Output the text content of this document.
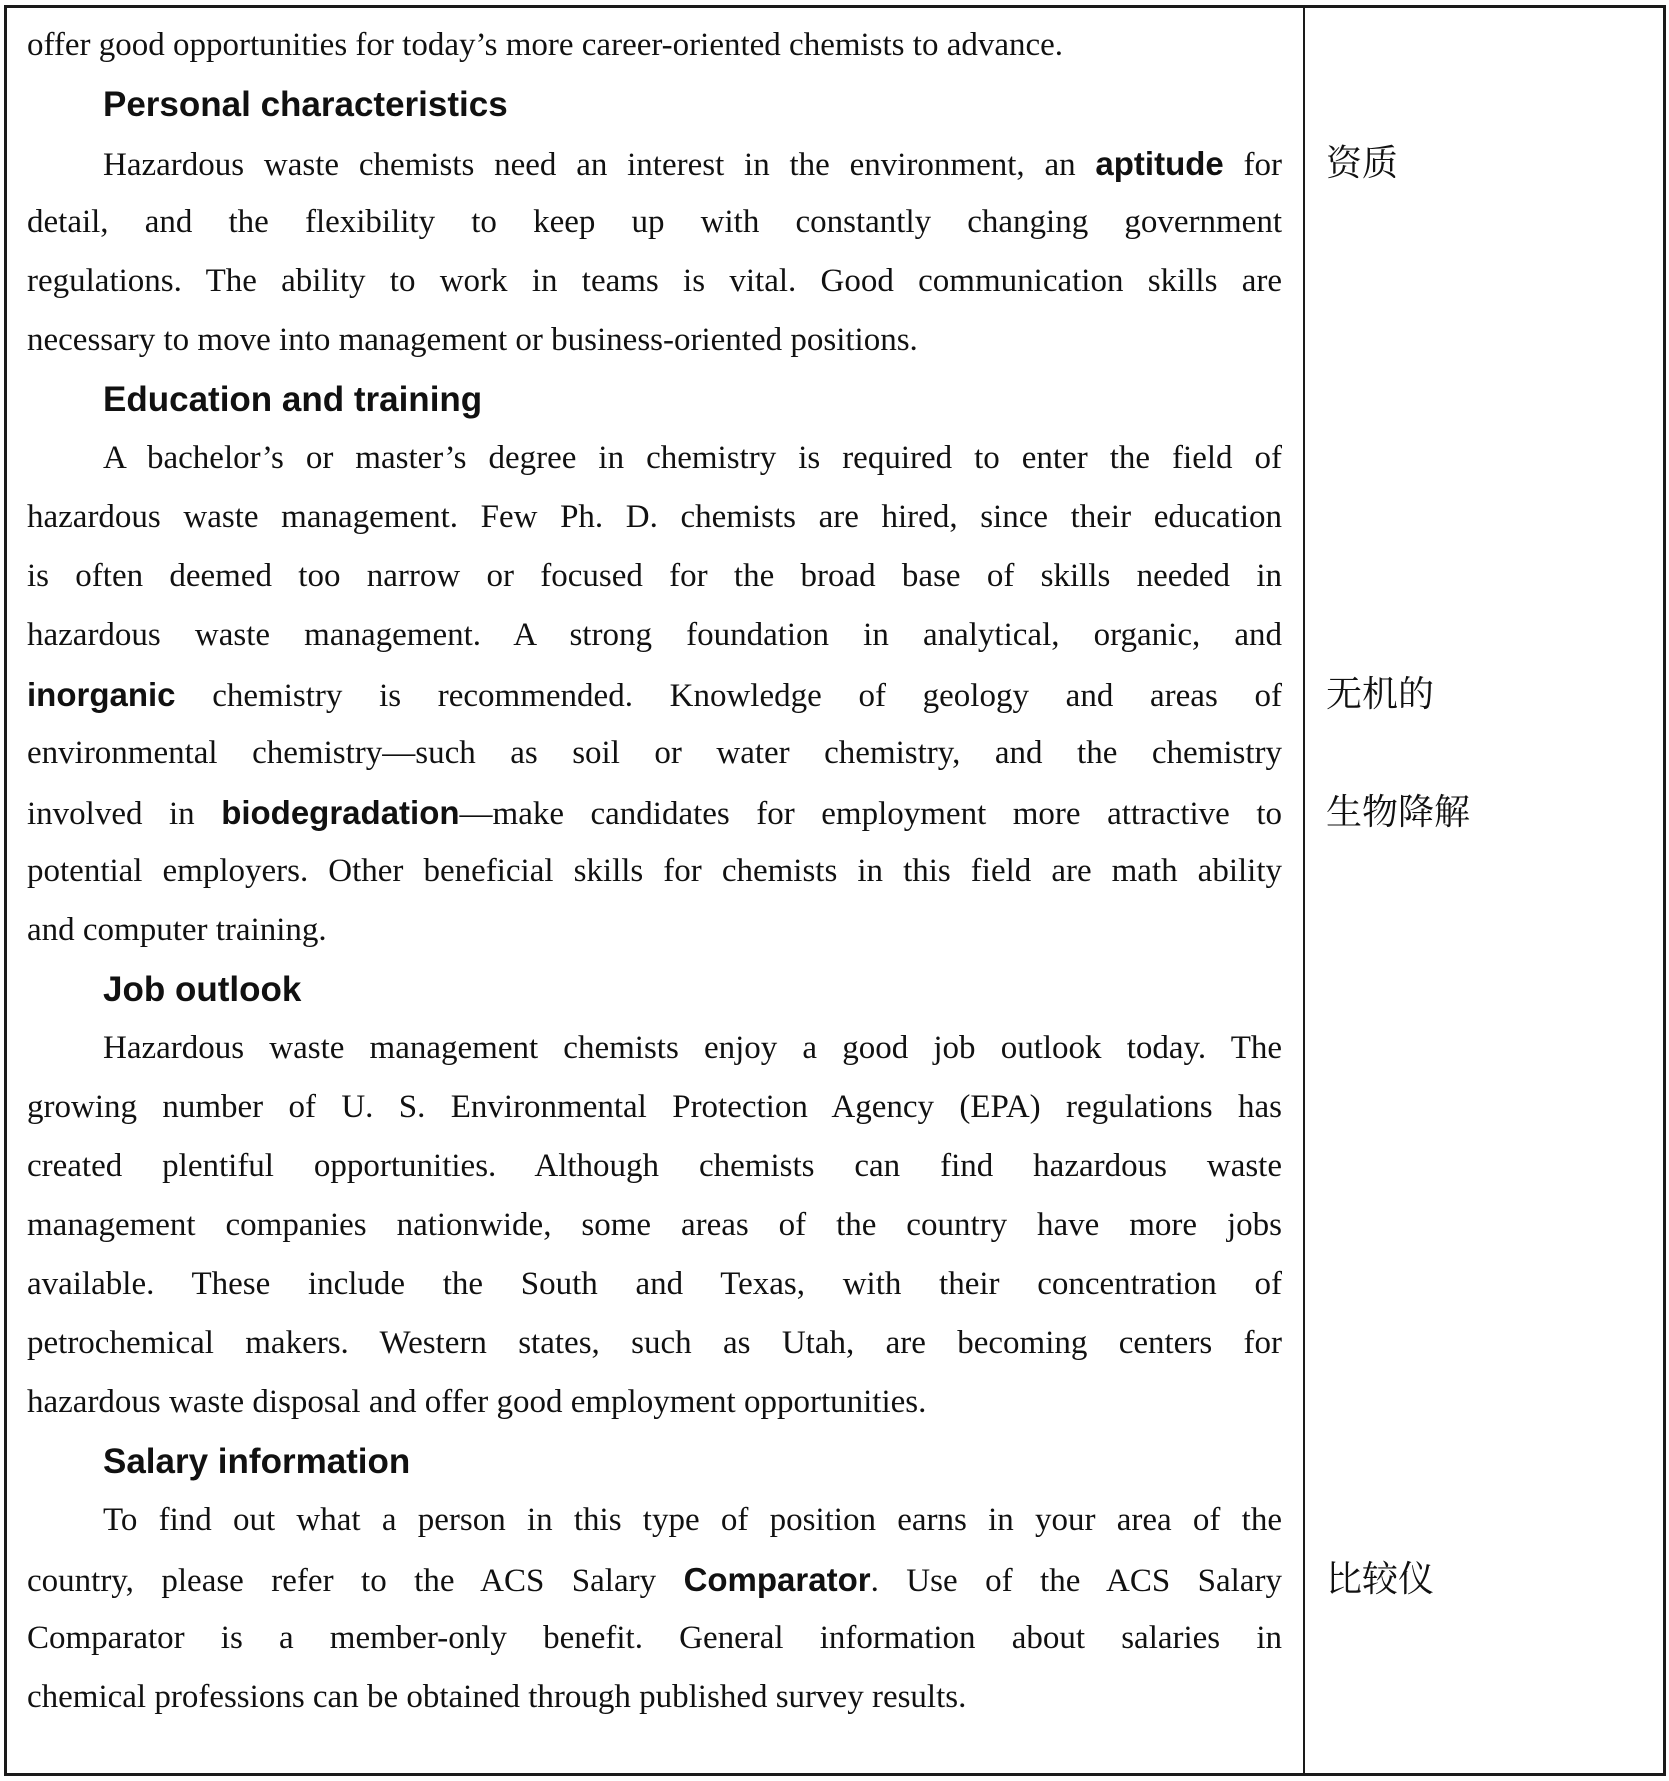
offer good opportunities for today’s more career-oriented chemists to advance.
Personal characteristics
Hazardous waste chemists need an interest in the environment, an aptitude for
detail, and the flexibility to keep up with constantly changing government
regulations. The ability to work in teams is vital. Good communication skills are
necessary to move into management or business-oriented positions.
Education and training
A bachelor’s or master’s degree in chemistry is required to enter the field of
hazardous waste management. Few Ph. D. chemists are hired, since their education
is often deemed too narrow or focused for the broad base of skills needed in
hazardous waste management. A strong foundation in analytical, organic, and
inorganic chemistry is recommended. Knowledge of geology and areas of
environmental chemistry—such as soil or water chemistry, and the chemistry
involved in biodegradation—make candidates for employment more attractive to
potential employers. Other beneficial skills for chemists in this field are math ability
and computer training.
Job outlook
Hazardous waste management chemists enjoy a good job outlook today. The
growing number of U. S. Environmental Protection Agency (EPA) regulations has
created plentiful opportunities. Although chemists can find hazardous waste
management companies nationwide, some areas of the country have more jobs
available. These include the South and Texas, with their concentration of
petrochemical makers. Western states, such as Utah, are becoming centers for
hazardous waste disposal and offer good employment opportunities.
Salary information
To find out what a person in this type of position earns in your area of the
country, please refer to the ACS Salary Comparator. Use of the ACS Salary
Comparator is a member-only benefit. General information about salaries in
chemical professions can be obtained through published survey results.
资质
无机的
生物降解
比较仪
